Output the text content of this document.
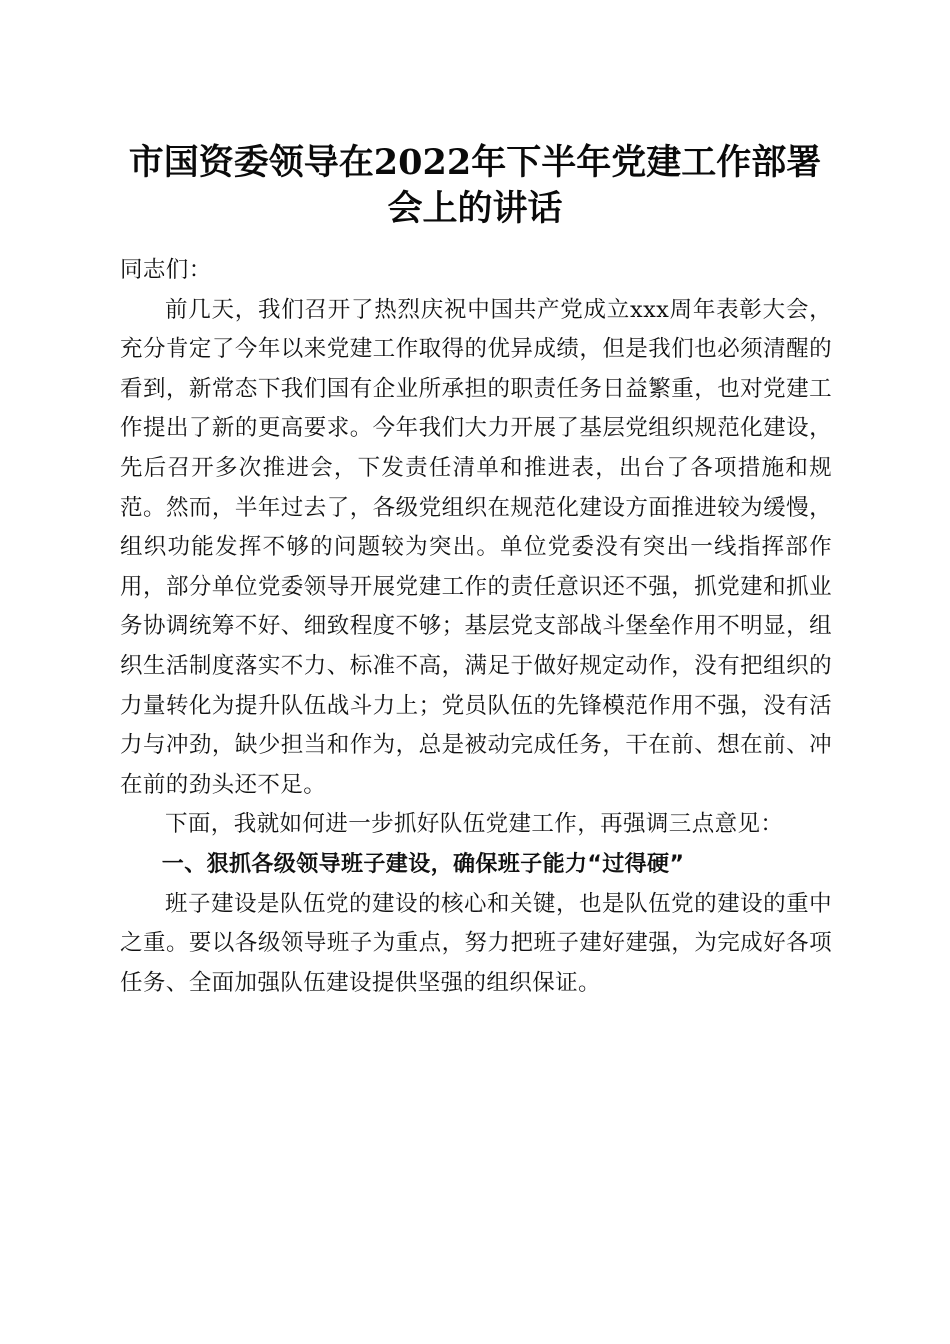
市国资委领导在2022年下半年党建工作部署
会上的讲话

同志们：

前几天，我们召开了热烈庆祝中国共产党成立xxx周年表彰大会，充分肯定了今年以来党建工作取得的优异成绩，但是我们也必须清醒的看到，新常态下我们国有企业所承担的职责任务日益繁重，也对党建工作提出了新的更高要求。今年我们大力开展了基层党组织规范化建设，先后召开多次推进会，下发责任清单和推进表，出台了各项措施和规范。然而，半年过去了，各级党组织在规范化建设方面推进较为缓慢，组织功能发挥不够的问题较为突出。单位党委没有突出一线指挥部作用，部分单位党委领导开展党建工作的责任意识还不强，抓党建和抓业务协调统筹不好、细致程度不够；基层党支部战斗堡垒作用不明显，组织生活制度落实不力、标准不高，满足于做好规定动作，没有把组织的力量转化为提升队伍战斗力上；党员队伍的先锋模范作用不强，没有活力与冲劲，缺少担当和作为，总是被动完成任务，干在前、想在前、冲在前的劲头还不足。

下面，我就如何进一步抓好队伍党建工作，再强调三点意见：

一、狠抓各级领导班子建设，确保班子能力“过得硬”

班子建设是队伍党的建设的核心和关键，也是队伍党的建设的重中之重。要以各级领导班子为重点，努力把班子建好建强，为完成好各项任务、全面加强队伍建设提供坚强的组织保证。
